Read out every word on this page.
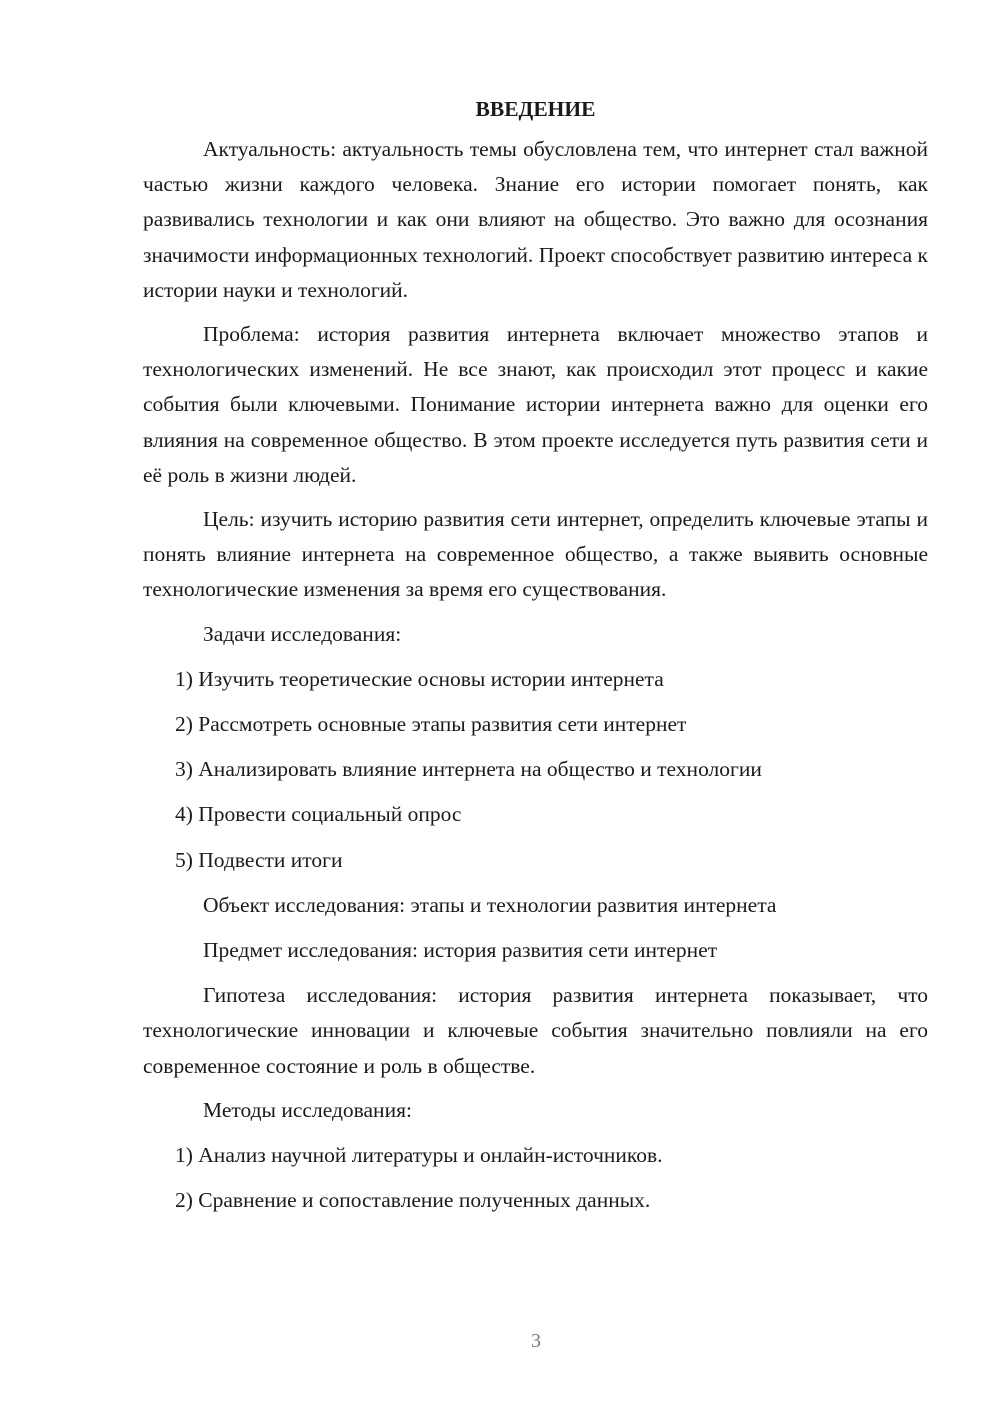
ВВЕДЕНИЕ

Актуальность: актуальность темы обусловлена тем, что интернет стал важной частью жизни каждого человека. Знание его истории помогает понять, как развивались технологии и как они влияют на общество. Это важно для осознания значимости информационных технологий. Проект способствует развитию интереса к истории науки и технологий.

Проблема: история развития интернета включает множество этапов и технологических изменений. Не все знают, как происходил этот процесс и какие события были ключевыми. Понимание истории интернета важно для оценки его влияния на современное общество. В этом проекте исследуется путь развития сети и её роль в жизни людей.

Цель: изучить историю развития сети интернет, определить ключевые этапы и понять влияние интернета на современное общество, а также выявить основные технологические изменения за время его существования.

Задачи исследования:
1) Изучить теоретические основы истории интернета
2) Рассмотреть основные этапы развития сети интернет
3) Анализировать влияние интернета на общество и технологии
4) Провести социальный опрос
5) Подвести итоги
Объект исследования: этапы и технологии развития интернета
Предмет исследования: история развития сети интернет

Гипотеза исследования: история развития интернета показывает, что технологические инновации и ключевые события значительно повлияли на его современное состояние и роль в обществе.

Методы исследования:
1) Анализ научной литературы и онлайн-источников.
2) Сравнение и сопоставление полученных данных.
3
